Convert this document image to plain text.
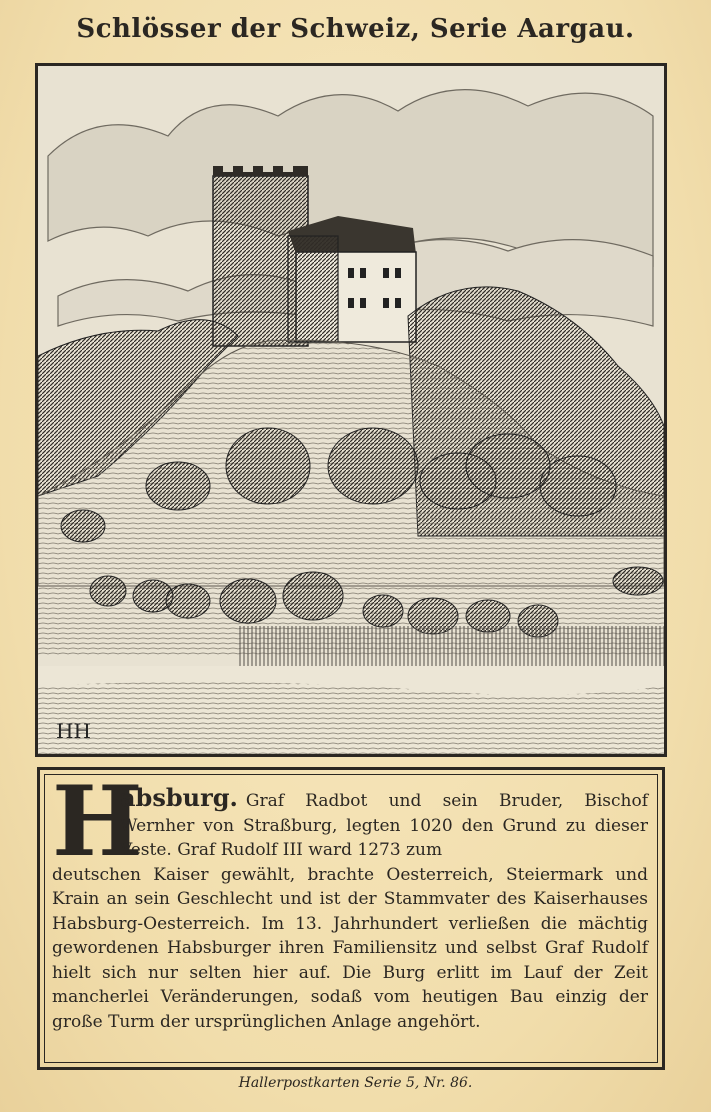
Schlösser der Schweiz, Serie Aargau.
HH
H
absburg. Graf Radbot und sein Bruder, Bischof Wernher von Straßburg, legten 1020 den Grund zu dieser Veste. Graf Rudolf III ward 1273 zum
deutschen Kaiser gewählt, brachte Oesterreich, Steiermark und Krain an sein Geschlecht und ist der Stammvater des Kaiserhauses Habsburg-Oesterreich. Im 13. Jahrhundert verließen die mächtig gewordenen Habsburger ihren Familiensitz und selbst Graf Rudolf hielt sich nur selten hier auf. Die Burg erlitt im Lauf der Zeit mancherlei Veränderungen, sodaß vom heutigen Bau einzig der große Turm der ursprünglichen Anlage angehört.
Hallerpostkarten Serie 5, Nr. 86.
